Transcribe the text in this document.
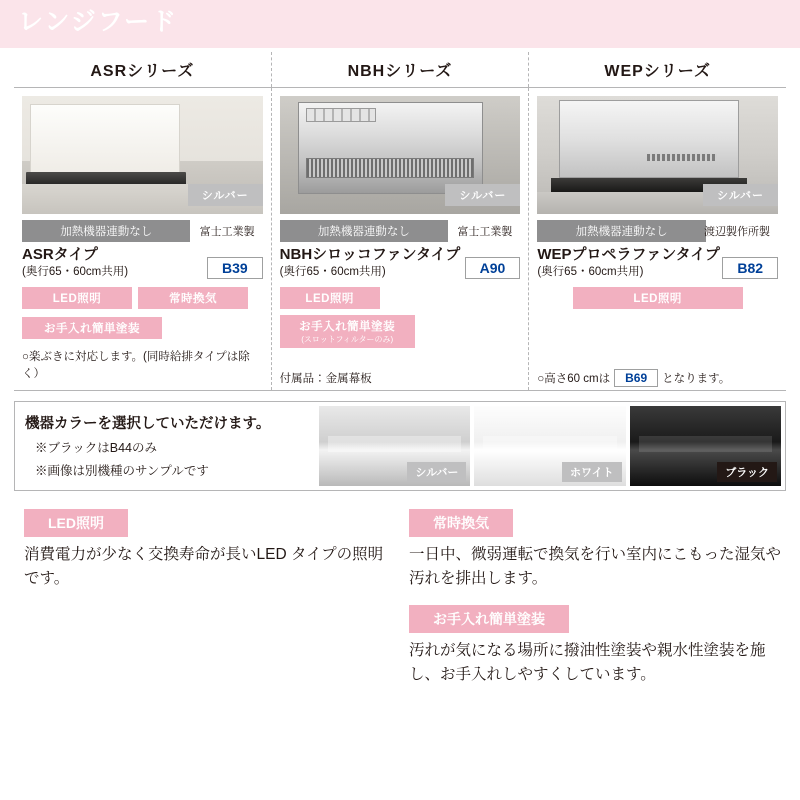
レンジフード
ASRシリーズ	NBHシリーズ	WEPシリーズ
シルバー
加熱機器連動なし	富士工業製
ASRタイプ
(奥行65・60cm共用)	B39
LED照明	常時換気
お手入れ簡単塗装
○楽ぶきに対応します。(同時給排タイプは除く）
シルバー
加熱機器連動なし	富士工業製
NBHシロッコファンタイプ
(奥行65・60cm共用)	A90
LED照明
お手入れ簡単塗装
(スロットフィルターのみ)
付属品：金属幕板
シルバー
加熱機器連動なし	渡辺製作所製
WEPプロペラファンタイプ
(奥行65・60cm共用)	B82
LED照明
○高さ60 cmは B69 となります。
機器カラーを選択していただけます。
※ブラックはB44のみ
※画像は別機種のサンプルです	シルバー	ホワイト	ブラック
LED照明

消費電力が少なく交換寿命が長いLED タイプの照明です。

常時換気

一日中、微弱運転で換気を行い室内にこもった湿気や汚れを排出します。

お手入れ簡単塗装

汚れが気になる場所に撥油性塗装や親水性塗装を施し、お手入れしやすくしています。
